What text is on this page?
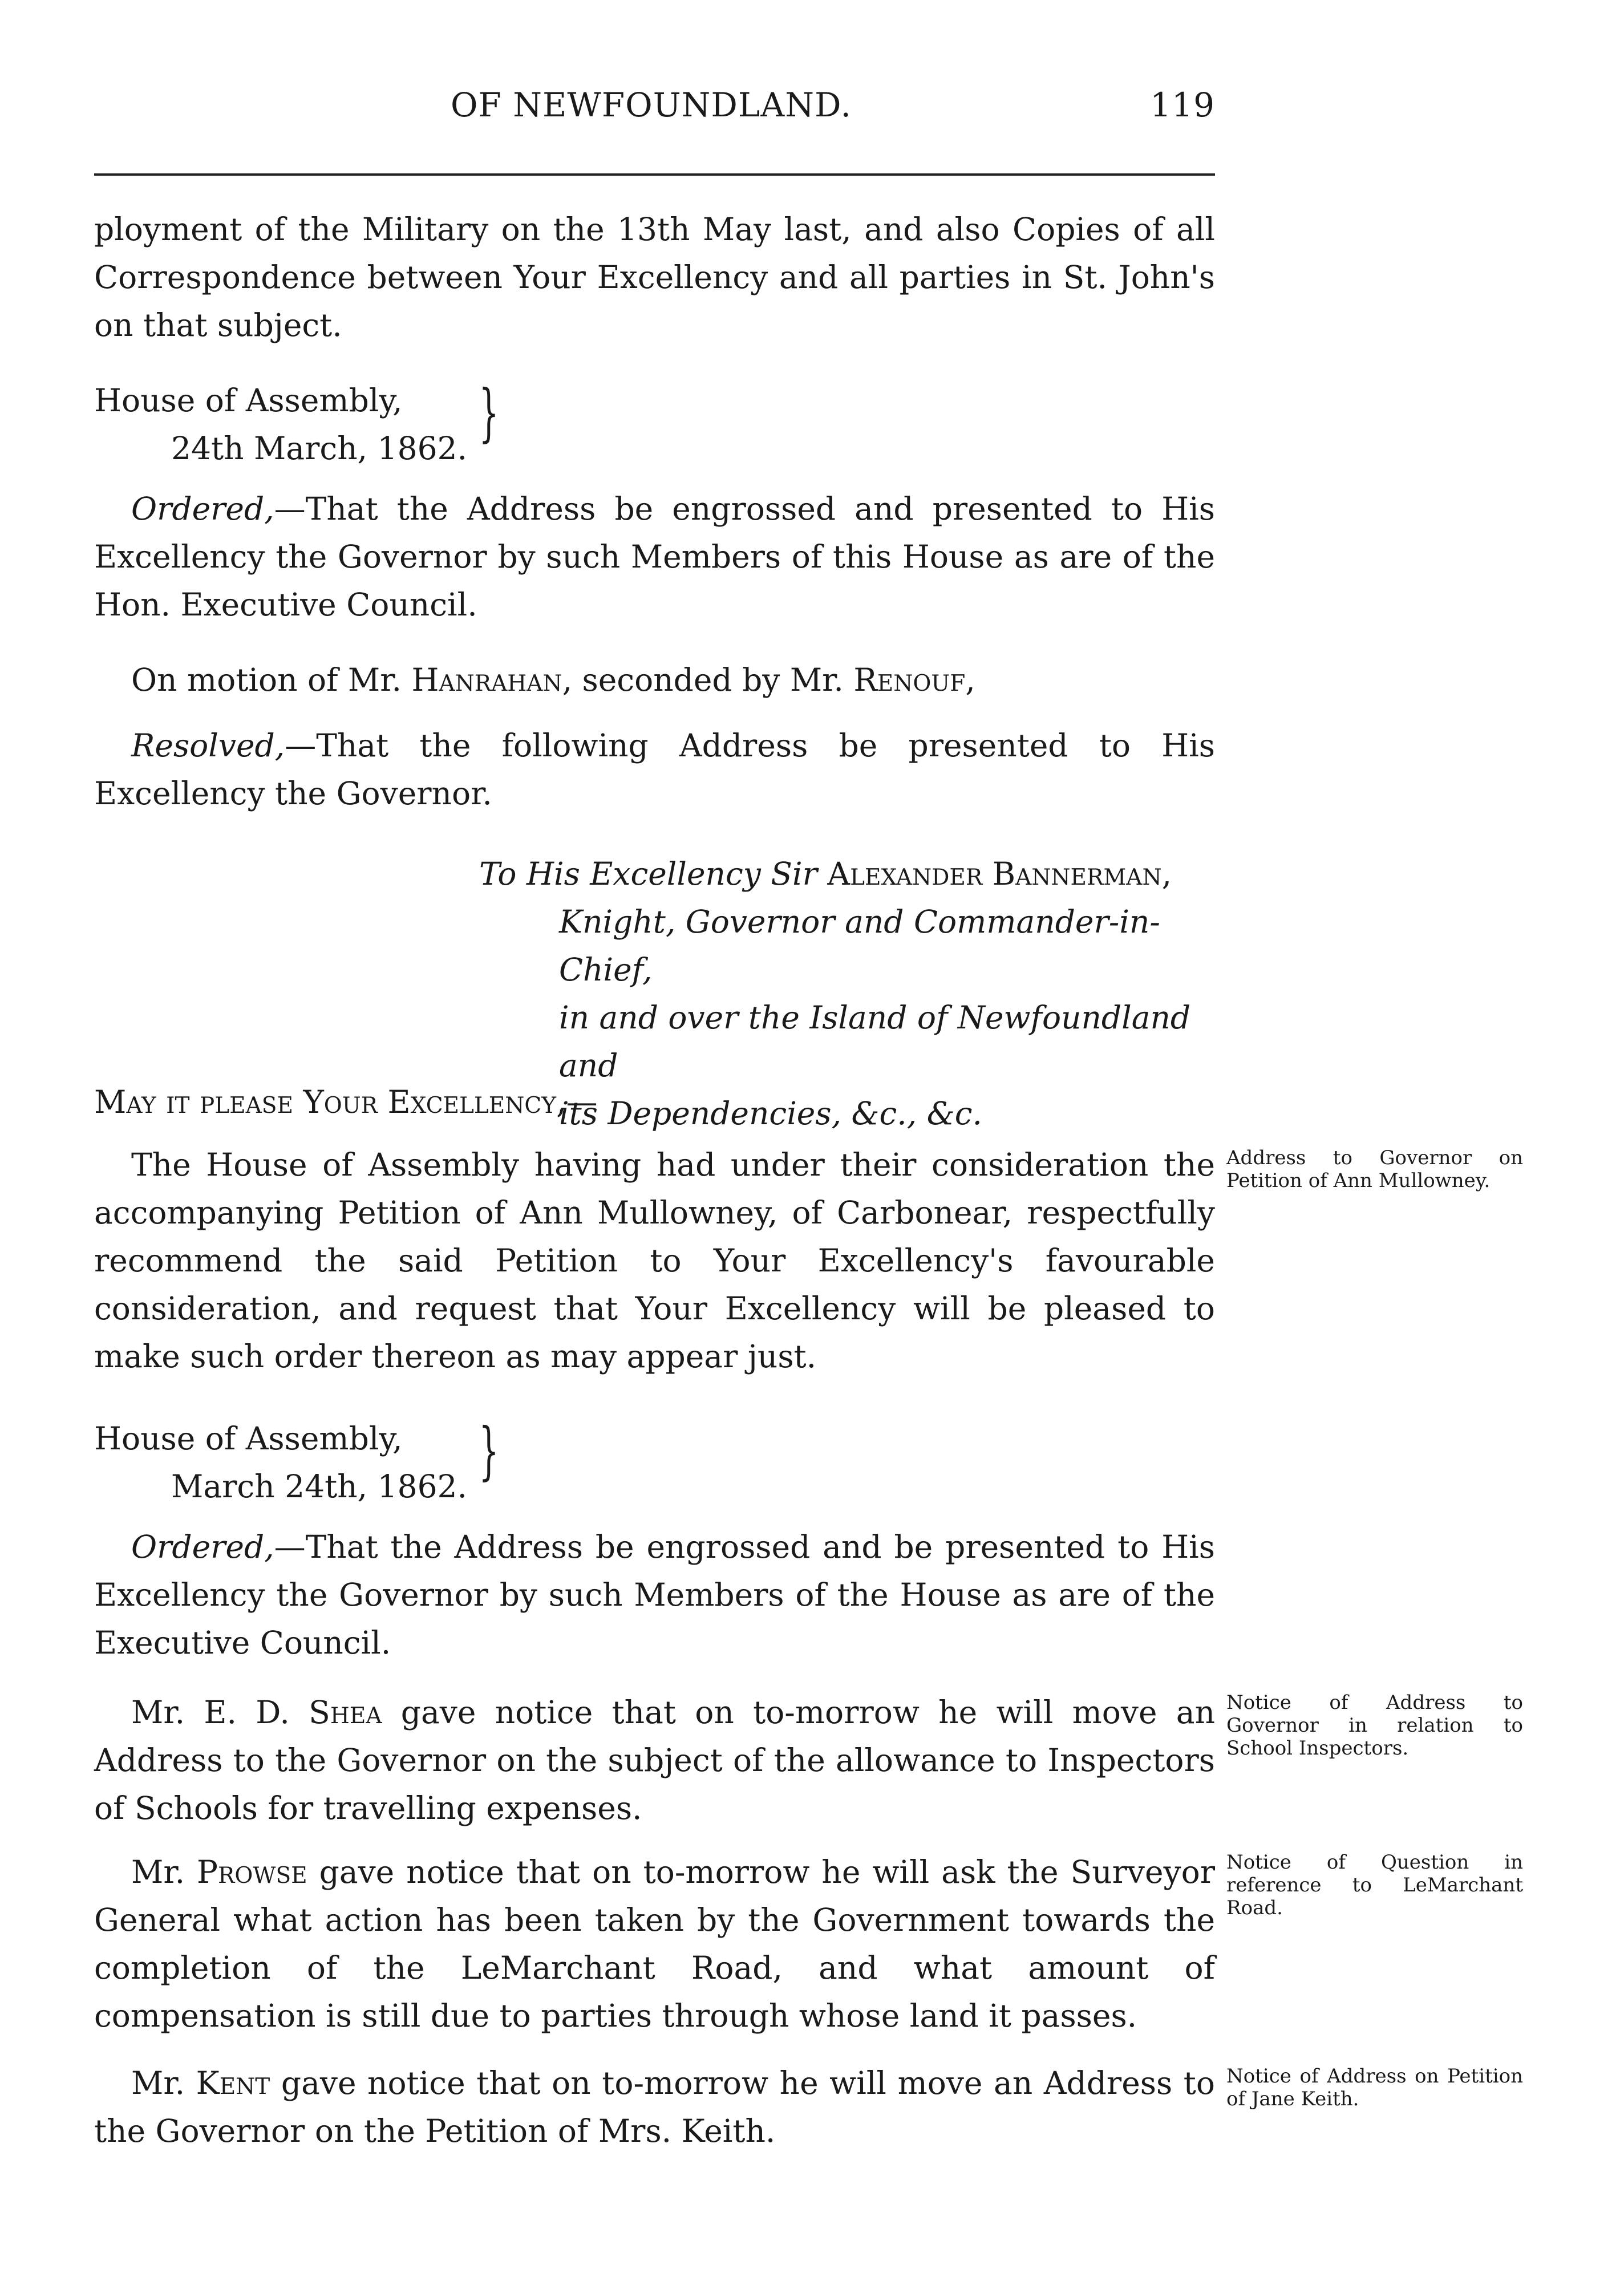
OF NEWFOUNDLAND.	119

ployment of the Military on the 13th May last, and also Copies of all Correspondence between Your Excellency and all parties in St. John's on that subject.

House of Assembly,
24th March, 1862. }

Ordered,—That the Address be engrossed and presented to His Excellency the Governor by such Members of this House as are of the Hon. Executive Council.

On motion of Mr. Hanrahan, seconded by Mr. Renouf,

Resolved,—That the following Address be presented to His Excellency the Governor.

To His Excellency Sir Alexander Bannerman,
Knight, Governor and Commander-in-Chief,
in and over the Island of Newfoundland and
its Dependencies, &c., &c.
May it please Your Excellency,—

The House of Assembly having had under their consideration the accompanying Petition of Ann Mullowney, of Carbonear, respectfully recommend the said Petition to Your Excellency's favourable consideration, and request that Your Excellency will be pleased to make such order thereon as may appear just.

House of Assembly,
March 24th, 1862. }

Ordered,—That the Address be engrossed and be presented to His Excellency the Governor by such Members of the House as are of the Executive Council.

Mr. E. D. Shea gave notice that on to-morrow he will move an Address to the Governor on the subject of the allowance to Inspectors of Schools for travelling expenses.

Mr. Prowse gave notice that on to-morrow he will ask the Surveyor General what action has been taken by the Government towards the completion of the LeMarchant Road, and what amount of compensation is still due to parties through whose land it passes.

Mr. Kent gave notice that on to-morrow he will move an Address to the Governor on the Petition of Mrs. Keith.

Address to Governor on Petition of Ann Mullowney.
Notice of Address to Governor in relation to School Inspectors.
Notice of Question in reference to LeMarchant Road.
Notice of Address on Petition of Jane Keith.
